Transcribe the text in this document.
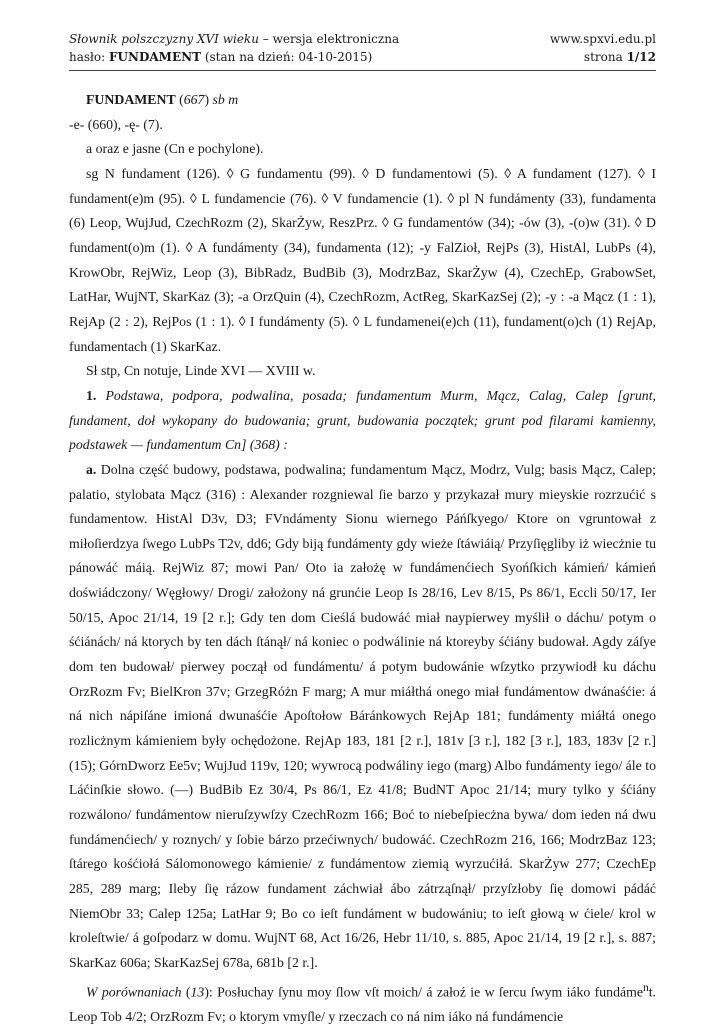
Słownik polszczyzny XVI wieku – wersja elektroniczna	www.spxvi.edu.pl
hasło: FUNDAMENT (stan na dzień: 04-10-2015)	strona 1/12

FUNDAMENT (667) sb m

-e- (660), -ę- (7).

a oraz e jasne (Cn e pochylone).

sg N fundament (126). ◊ G fundamentu (99). ◊ D fundamentowi (5). ◊ A fundament (127). ◊ I fundament(e)m (95). ◊ L fundamencie (76). ◊ V fundamencie (1). ◊ pl N fundámenty (33), fundamenta (6) Leop, WujJud, CzechRozm (2), SkarŻyw, ReszPrz. ◊ G fundamentów (34); -ów (3), -(o)w (31). ◊ D fundament(o)m (1). ◊ A fundámenty (34), fundamenta (12); -y FalZioł, RejPs (3), HistAl, LubPs (4), KrowObr, RejWiz, Leop (3), BibRadz, BudBib (3), ModrzBaz, SkarŻyw (4), CzechEp, GrabowSet, LatHar, WujNT, SkarKaz (3); -a OrzQuin (4), CzechRozm, ActReg, SkarKazSej (2); -y : -a Mącz (1 : 1), RejAp (2 : 2), RejPos (1 : 1). ◊ I fundámenty (5). ◊ L fundamenei(e)ch (11), fundament(o)ch (1) RejAp, fundamentach (1) SkarKaz.

Sł stp, Cn notuje, Linde XVI — XVIII w.

1. Podstawa, podpora, podwalina, posada; fundamentum Murm, Mącz, Calag, Calep [grunt, fundament, doł wykopany do budowania; grunt, budowania początek; grunt pod filarami kamienny, podstawek — fundamentum Cn] (368) :

a. Dolna część budowy, podstawa, podwalina; fundamentum Mącz, Modrz, Vulg; basis Mącz, Calep; palatio, stylobata Mącz (316) : Alexander rozgniewal ſie barzo y przykazał mury mieyskie rozrzućić s fundamentow. HistAl D3v, D3; FVndámenty Sionu wiernego Páńſkyego/ Ktore on vgruntował z miłoſierdzya ſwego LubPs T2v, dd6; Gdy biją fundámenty gdy wieże ſtáwiáią/ Przyſięgliby iż wiecżnie tu pánowáć máią. RejWiz 87; mowi Pan/ Oto ia założę w fundámenćiech Syońſkich kámień/ kámień doświádczony/ Węgłowy/ Drogi/ założony ná grunćie Leop Is 28/16, Lev 8/15, Ps 86/1, Eccli 50/17, Ier 50/15, Apoc 21/14, 19 [2 r.]; Gdy ten dom Cieślá budowáć miał naypierwey myślił o dáchu/ potym o śćiánách/ ná ktorych by ten dách ſtánął/ ná koniec o podwálinie ná ktoreyby śćiány budował. Agdy záſye dom ten budował/ pierwey począł od fundámentu/ á potym budowánie wſzytko przywiodł ku dáchu OrzRozm Fv; BielKron 37v; GrzegRóżn F marg; A mur miáłthá onego miał fundámentow dwánaśćie: á ná nich nápiſáne imioná dwunaśćie Apoſtołow Báránkowych RejAp 181; fundámenty miáłtá onego rozlicżnym kámieniem były ochędożone. RejAp 183, 181 [2 r.], 181v [3 r.], 182 [3 r.], 183, 183v [2 r.] (15); GórnDworz Ee5v; WujJud 119v, 120; wywrocą podwáliny iego (marg) Albo fundámenty iego/ ále to Láćinſkie słowo. (—) BudBib Ez 30/4, Ps 86/1, Ez 41/8; BudNT Apoc 21/14; mury tylko y śćiány rozwálono/ fundámentow nieruſzywſzy CzechRozm 166; Boć to niebeſpiecżna bywa/ dom ieden ná dwu fundámenćiech/ y roznych/ y ſobie bárzo przećiwnych/ budowáć. CzechRozm 216, 166; ModrzBaz 123; ſtárego kośćiołá Sálomonowego kámienie/ z fundámentow ziemią wyrzućiłá. SkarŻyw 277; CzechEp 285, 289 marg; Ileby ſię rázow fundament záchwiał ábo zátrząſnął/ przyſzłoby ſię domowi pádáć NiemObr 33; Calep 125a; LatHar 9; Bo co ieſt fundáment w budowániu; to ieſt głową w ćiele/ krol w kroleſtwie/ á goſpodarz w domu. WujNT 68, Act 16/26, Hebr 11/10, s. 885, Apoc 21/14, 19 [2 r.], s. 887; SkarKaz 606a; SkarKazSej 678a, 681b [2 r.].

W porównaniach (13): Posłuchay ſynu moy ſlow vſt moich/ á załoź ie w ſercu ſwym iáko fundáme$^n$t. Leop Tob 4/2; OrzRozm Fv; o ktorym vmyſle/ y rzeczach co ná nim iáko ná fundámencie
